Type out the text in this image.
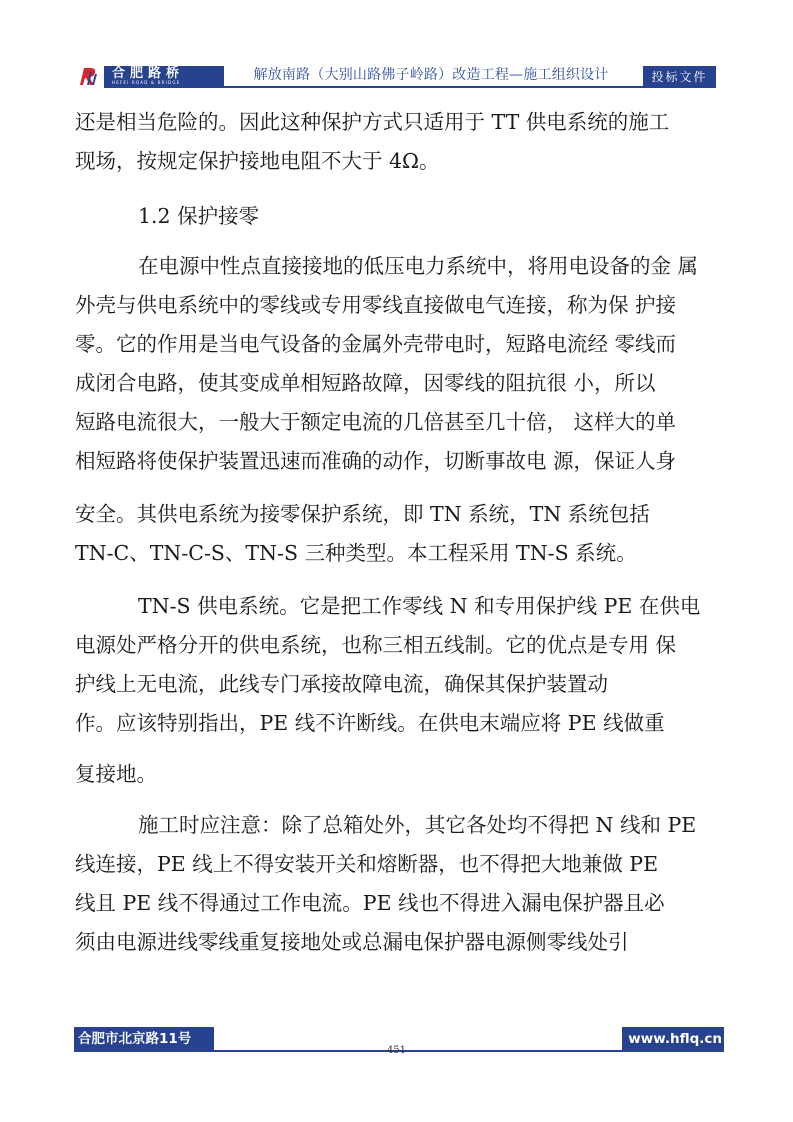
合肥路桥
HEFEI ROAD & BRIDGE	解放南路（大别山路佛子岭路）改造工程—施工组织设计	投标文件
还是相当危险的。因此这种保护方式只适用于 TT 供电系统的施工
现场，按规定保护接地电阻不大于 4Ω。
1.2 保护接零
在电源中性点直接接地的低压电力系统中，将用电设备的金 属
外壳与供电系统中的零线或专用零线直接做电气连接，称为保 护接
零。它的作用是当电气设备的金属外壳带电时，短路电流经 零线而
成闭合电路，使其变成单相短路故障，因零线的阻抗很 小，所以
短路电流很大，一般大于额定电流的几倍甚至几十倍， 这样大的单
相短路将使保护装置迅速而准确的动作，切断事故电 源，保证人身
安全。其供电系统为接零保护系统，即 TN 系统，TN 系统包括
TN-C、TN-C-S、TN-S 三种类型。本工程采用 TN-S 系统。
TN-S 供电系统。它是把工作零线 N 和专用保护线 PE 在供电
电源处严格分开的供电系统，也称三相五线制。它的优点是专用 保
护线上无电流，此线专门承接故障电流，确保其保护装置动
作。应该特别指出，PE 线不许断线。在供电末端应将 PE 线做重
复接地。
施工时应注意：除了总箱处外，其它各处均不得把 N 线和 PE
线连接，PE 线上不得安装开关和熔断器，也不得把大地兼做 PE
线且 PE 线不得通过工作电流。PE 线也不得进入漏电保护器且必
须由电源进线零线重复接地处或总漏电保护器电源侧零线处引
合肥市北京路11号	www.hflq.cn
451
